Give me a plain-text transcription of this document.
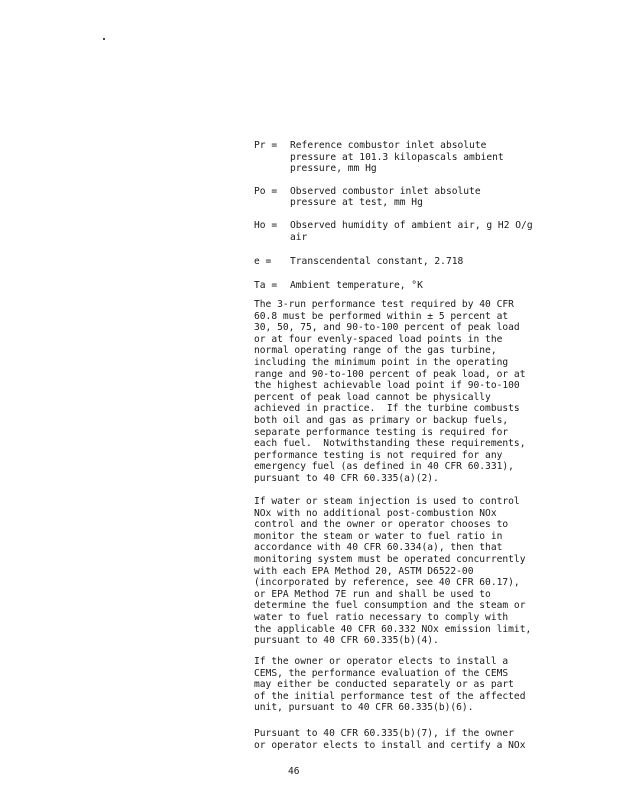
Pr =	Reference combustor inlet absolute
pressure at 101.3 kilopascals ambient
pressure, mm Hg
Po =	Observed combustor inlet absolute
pressure at test, mm Hg
Ho =	Observed humidity of ambient air, g H2 O/g
air
e =	Transcendental constant, 2.718
Ta =	Ambient temperature, °K
The 3-run performance test required by 40 CFR
60.8 must be performed within ± 5 percent at
30, 50, 75, and 90-to-100 percent of peak load
or at four evenly-spaced load points in the
normal operating range of the gas turbine,
including the minimum point in the operating
range and 90-to-100 percent of peak load, or at
the highest achievable load point if 90-to-100
percent of peak load cannot be physically
achieved in practice.  If the turbine combusts
both oil and gas as primary or backup fuels,
separate performance testing is required for
each fuel.  Notwithstanding these requirements,
performance testing is not required for any
emergency fuel (as defined in 40 CFR 60.331),
pursuant to 40 CFR 60.335(a)(2).
If water or steam injection is used to control
NOx with no additional post-combustion NOx
control and the owner or operator chooses to
monitor the steam or water to fuel ratio in
accordance with 40 CFR 60.334(a), then that
monitoring system must be operated concurrently
with each EPA Method 20, ASTM D6522-00
(incorporated by reference, see 40 CFR 60.17),
or EPA Method 7E run and shall be used to
determine the fuel consumption and the steam or
water to fuel ratio necessary to comply with
the applicable 40 CFR 60.332 NOx emission limit,
pursuant to 40 CFR 60.335(b)(4).
If the owner or operator elects to install a
CEMS, the performance evaluation of the CEMS
may either be conducted separately or as part
of the initial performance test of the affected
unit, pursuant to 40 CFR 60.335(b)(6).
Pursuant to 40 CFR 60.335(b)(7), if the owner
or operator elects to install and certify a NOx
46
